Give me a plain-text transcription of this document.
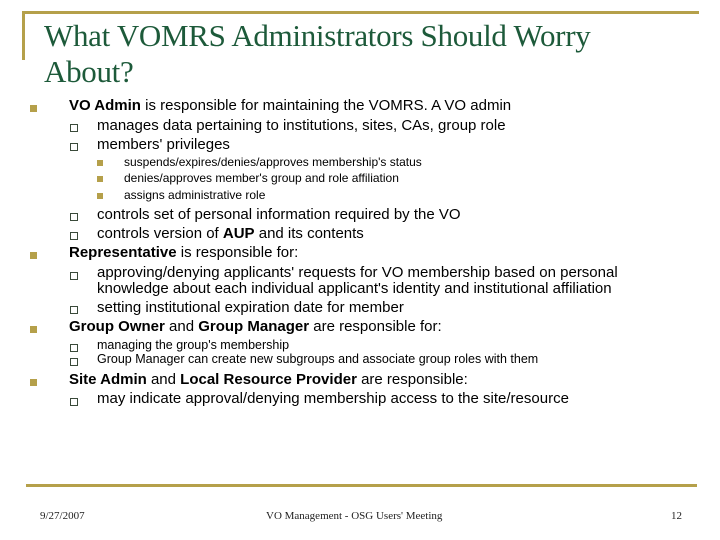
What VOMRS Administrators Should Worry About?
VO Admin is responsible for maintaining the VOMRS. A VO admin
manages data pertaining to institutions, sites, CAs, group role
members' privileges
suspends/expires/denies/approves membership's status
denies/approves member's group and role affiliation
assigns administrative role
controls set of personal information required by the VO
controls version of AUP and its contents
Representative is responsible for:
approving/denying applicants' requests for VO membership based on personal
knowledge about each individual applicant's identity and institutional affiliation
setting institutional expiration date for member
Group Owner and Group Manager are responsible for:
managing the group's membership
Group Manager can create new subgroups and associate group roles with them
Site Admin and Local Resource Provider are responsible:
may indicate approval/denying membership access to the site/resource
9/27/2007	VO Management - OSG Users' Meeting	12
